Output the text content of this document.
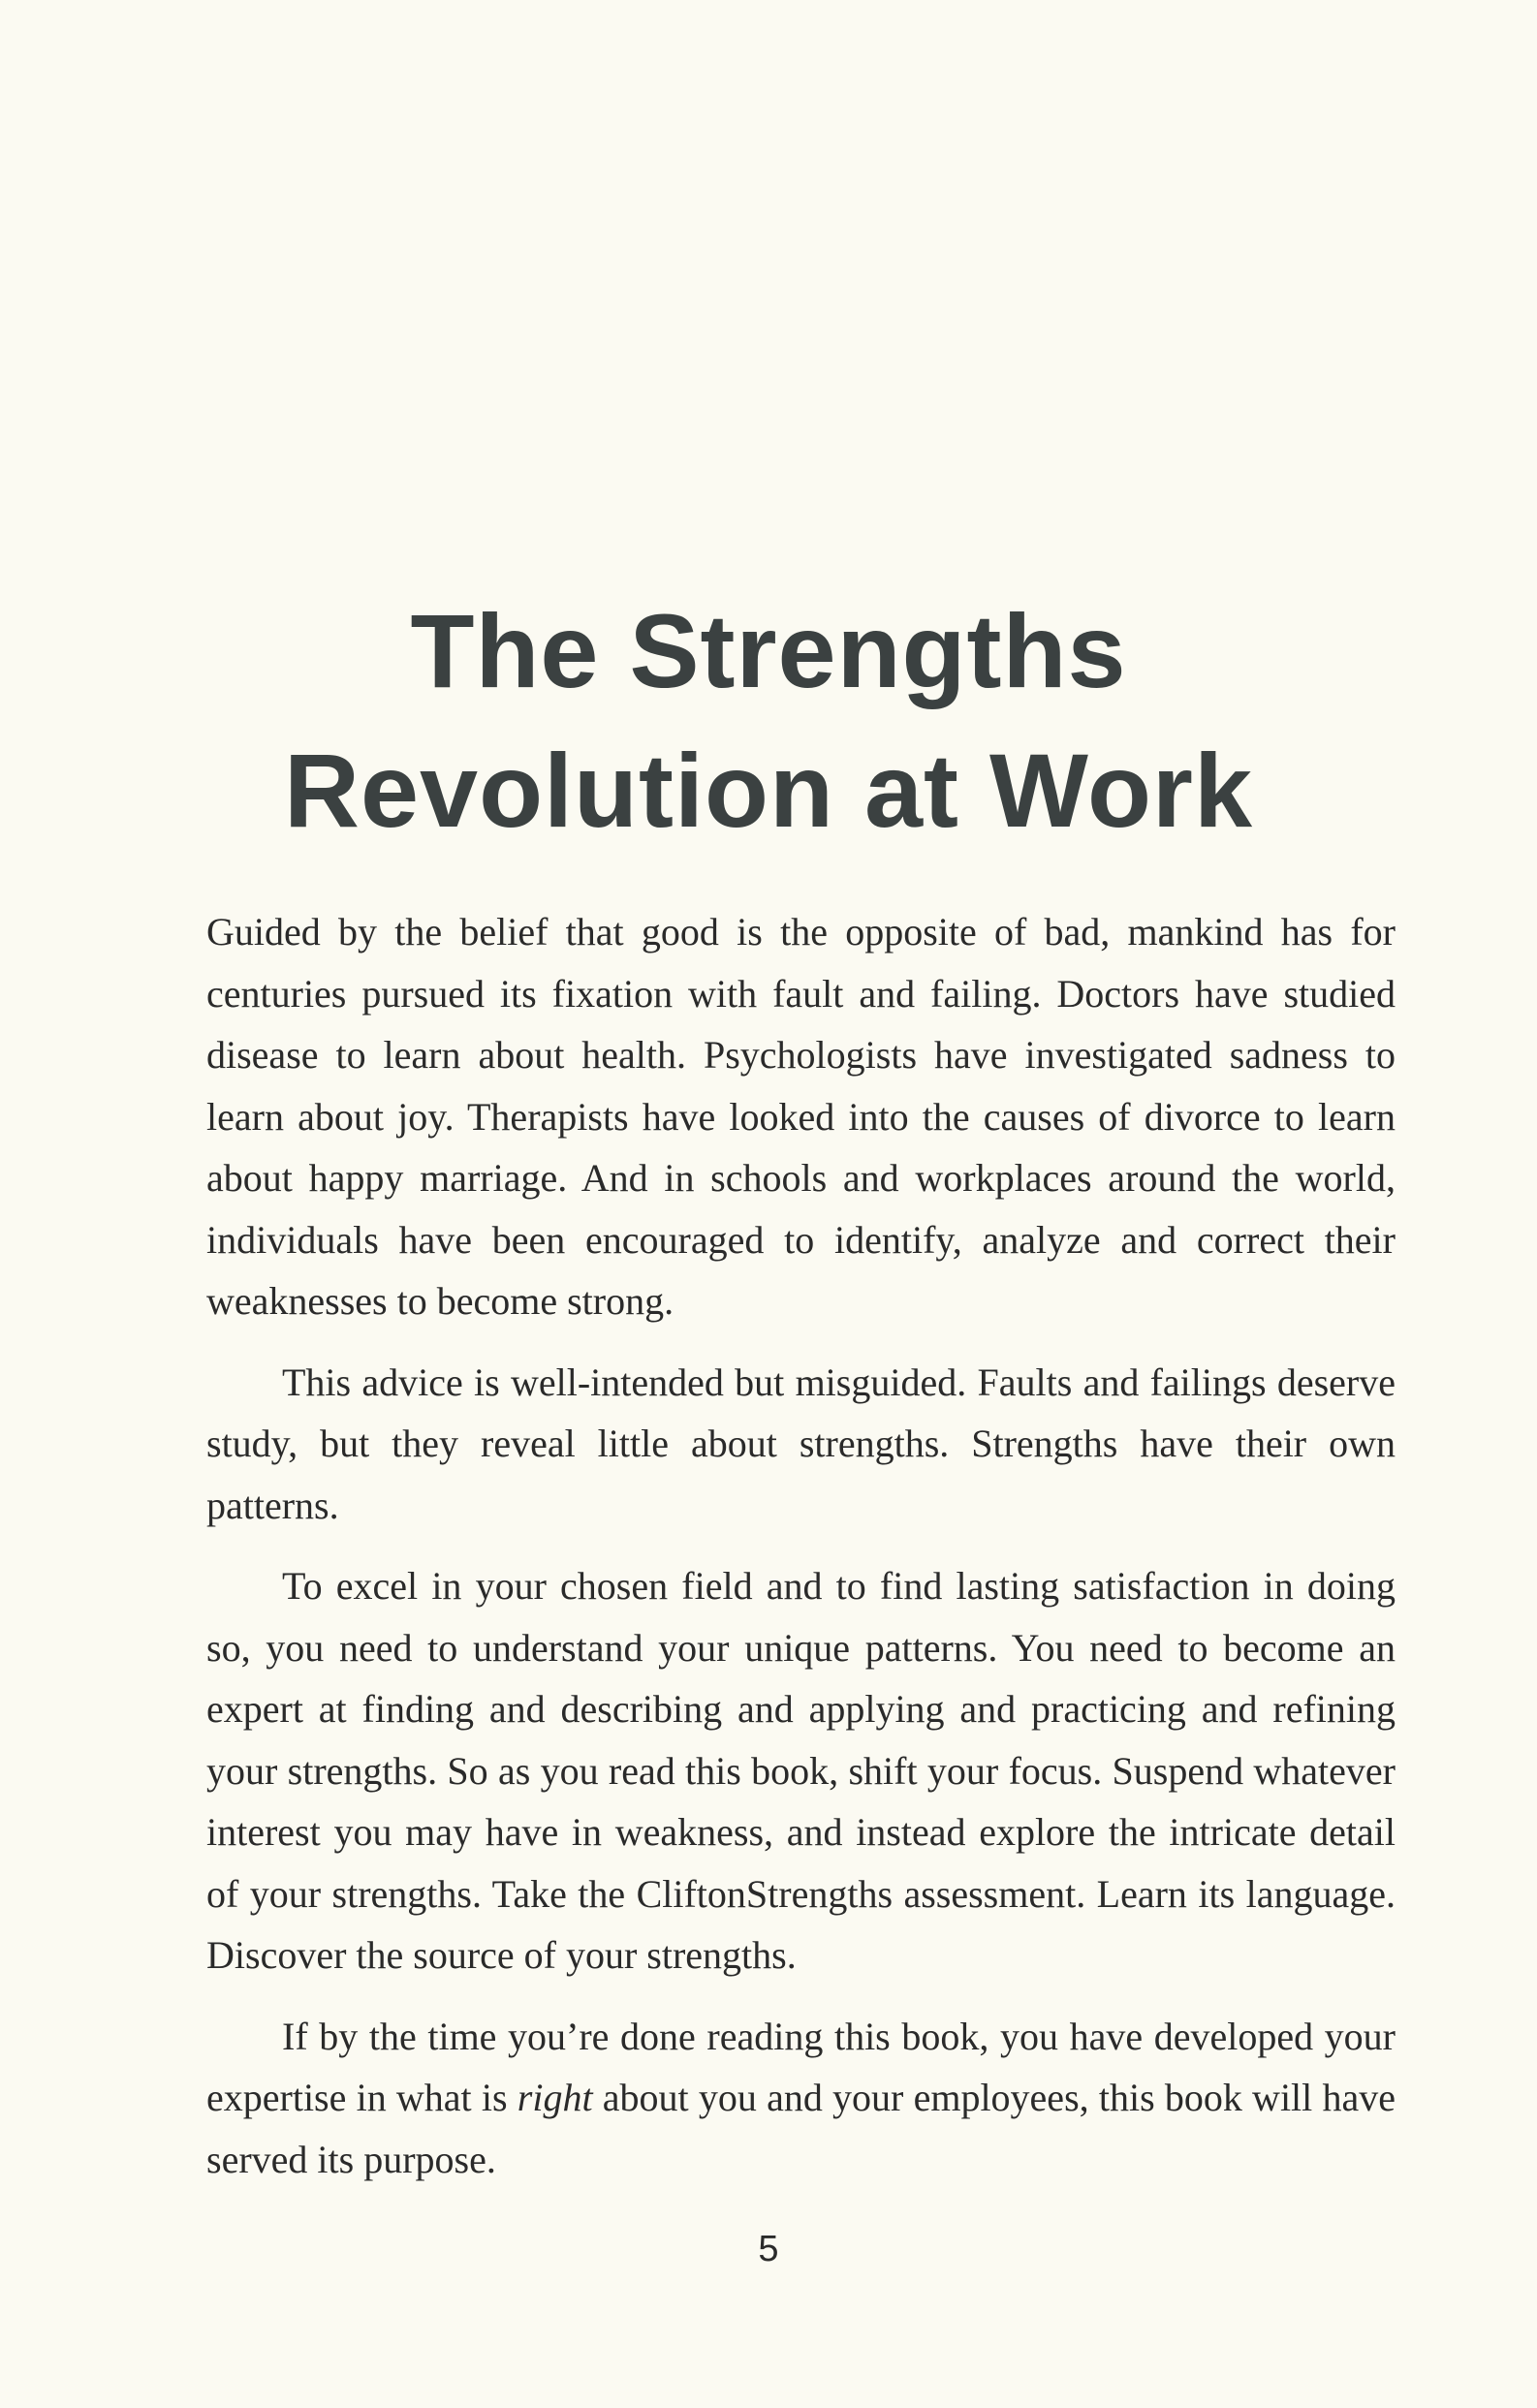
The Strengths
Revolution at Work

Guided by the belief that good is the opposite of bad, mankind has for centuries pursued its fixation with fault and failing. Doctors have studied disease to learn about health. Psychologists have investigated sadness to learn about joy. Therapists have looked into the causes of divorce to learn about happy marriage. And in schools and workplaces around the world, individuals have been encouraged to identify, analyze and correct their weaknesses to become strong.

This advice is well-intended but misguided. Faults and failings deserve study, but they reveal little about strengths. Strengths have their own patterns.

To excel in your chosen field and to find lasting satisfaction in doing so, you need to understand your unique patterns. You need to become an expert at finding and describing and applying and practicing and refining your strengths. So as you read this book, shift your focus. Suspend whatever interest you may have in weakness, and instead explore the intricate detail of your strengths. Take the CliftonStrengths assessment. Learn its language. Discover the source of your strengths.

If by the time you’re done reading this book, you have developed your expertise in what is right about you and your employees, this book will have served its purpose.

5
